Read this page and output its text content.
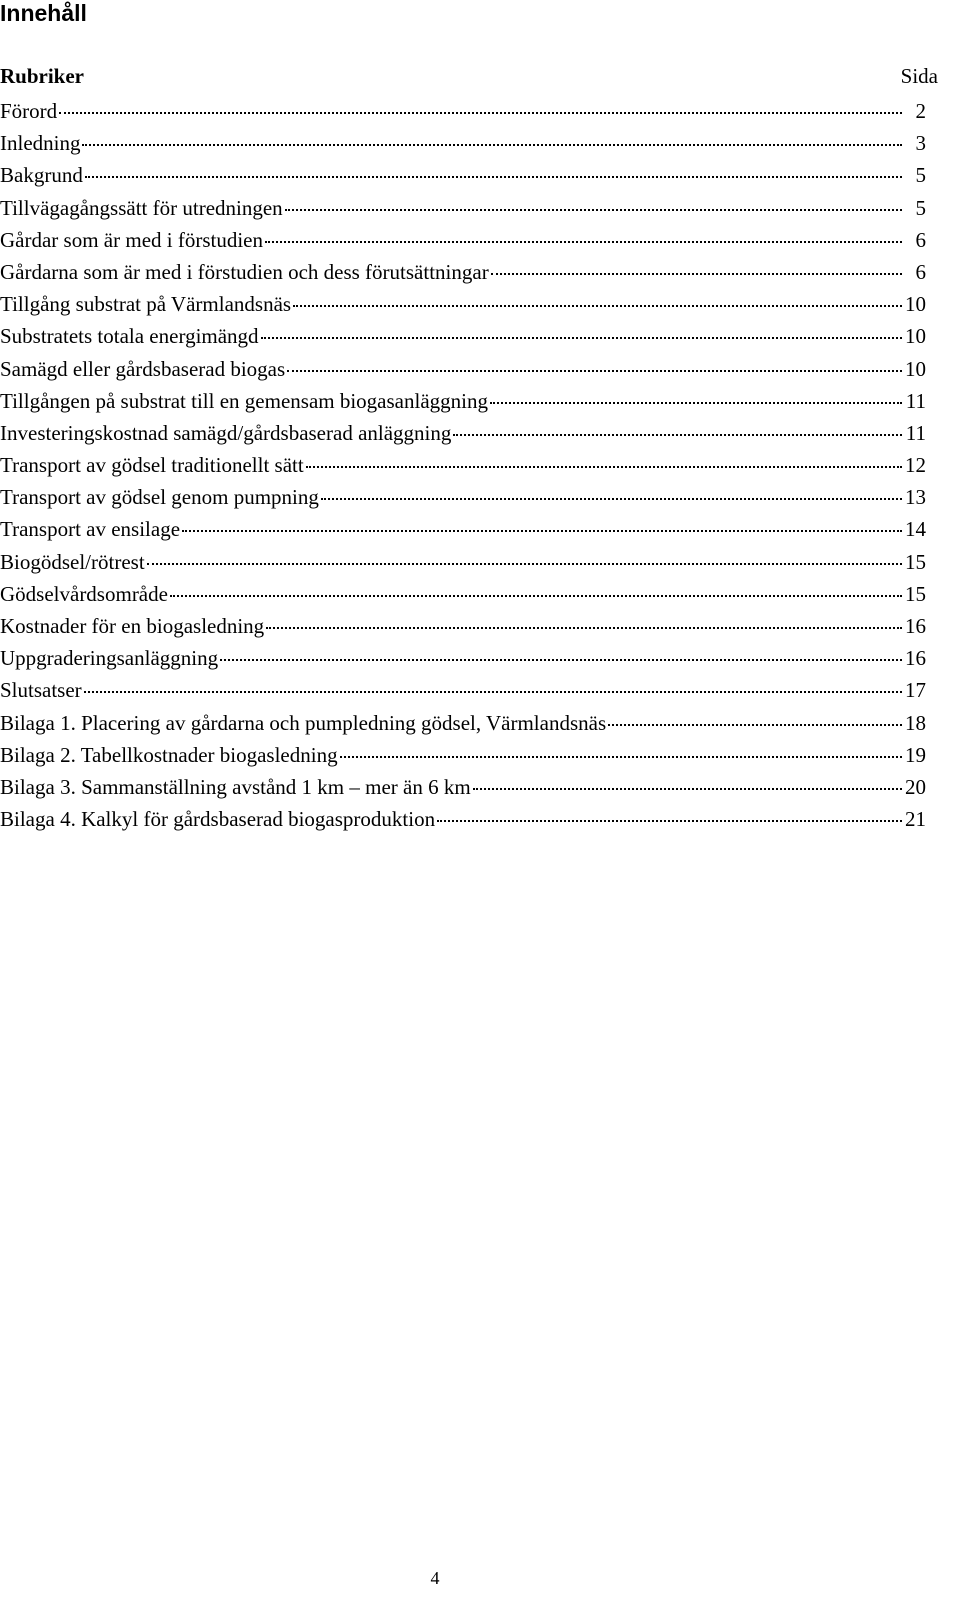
Innehåll
Rubriker	Sida
Förord	2
Inledning	3
Bakgrund	5
Tillvägagångssätt för utredningen	5
Gårdar som är med i förstudien	6
Gårdarna som är med i förstudien och dess förutsättningar	6
Tillgång substrat på Värmlandsnäs	10
Substratets totala energimängd	10
Samägd eller gårdsbaserad biogas	10
Tillgången på substrat till en gemensam biogasanläggning	11
Investeringskostnad samägd/gårdsbaserad anläggning	11
Transport av gödsel traditionellt sätt	12
Transport av gödsel genom pumpning	13
Transport av ensilage	14
Biogödsel/rötrest	15
Gödselvårdsområde	15
Kostnader för en biogasledning	16
Uppgraderingsanläggning	16
Slutsatser	17
Bilaga 1. Placering av gårdarna och pumpledning gödsel, Värmlandsnäs	18
Bilaga 2. Tabellkostnader biogasledning	19
Bilaga 3. Sammanställning avstånd 1 km – mer än 6 km	20
Bilaga 4. Kalkyl för gårdsbaserad biogasproduktion	21
4
